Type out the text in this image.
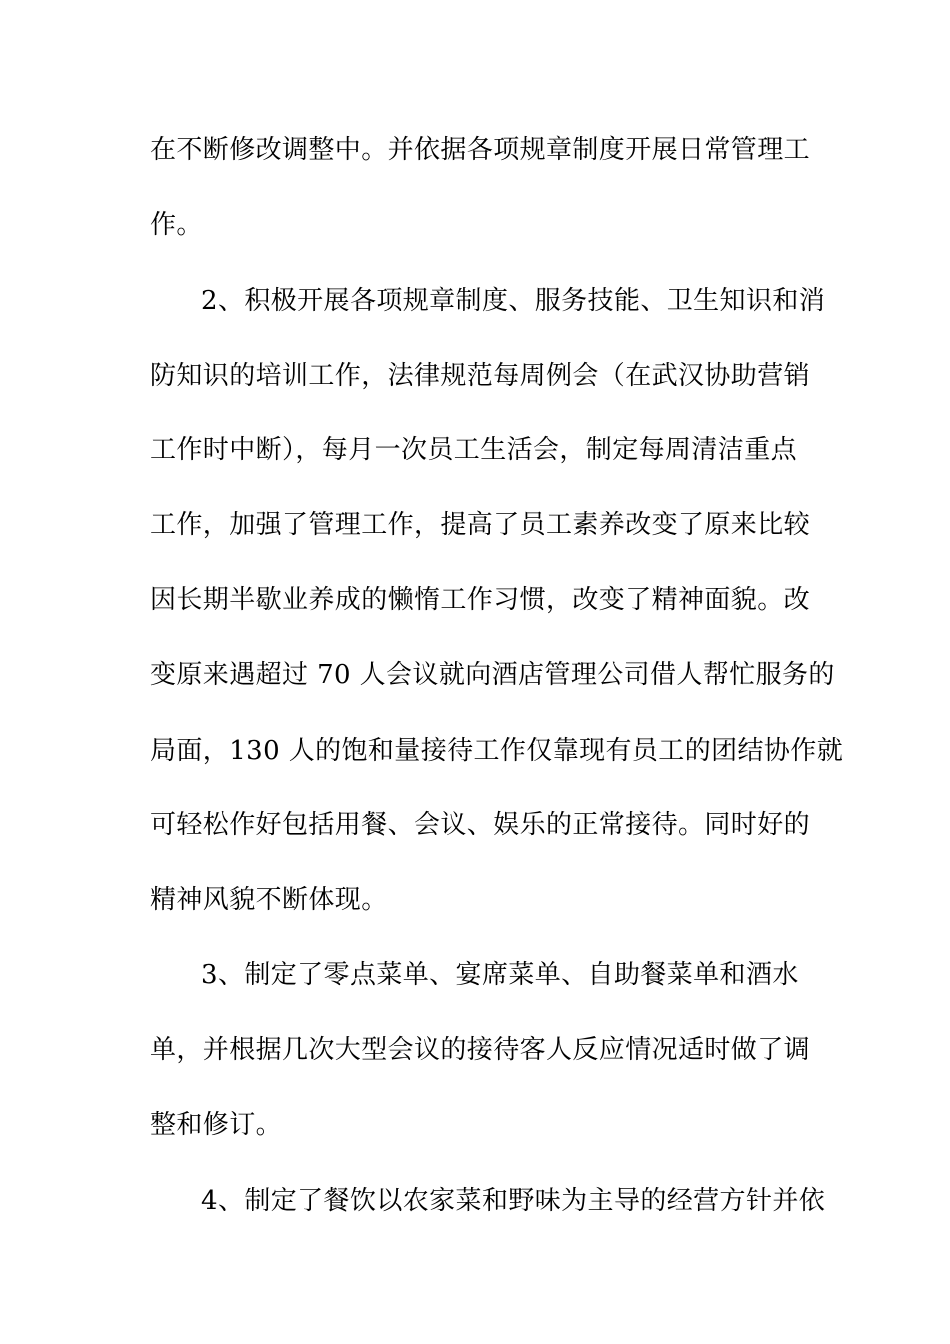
在不断修改调整中。并依据各项规章制度开展日常管理工
作。
2、积极开展各项规章制度、服务技能、卫生知识和消
防知识的培训工作，法律规范每周例会（在武汉协助营销
工作时中断），每月一次员工生活会，制定每周清洁重点
工作，加强了管理工作，提高了员工素养改变了原来比较
因长期半歇业养成的懒惰工作习惯，改变了精神面貌。改
变原来遇超过 70 人会议就向酒店管理公司借人帮忙服务的
局面，130 人的饱和量接待工作仅靠现有员工的团结协作就
可轻松作好包括用餐、会议、娱乐的正常接待。同时好的
精神风貌不断体现。
3、制定了零点菜单、宴席菜单、自助餐菜单和酒水
单，并根据几次大型会议的接待客人反应情况适时做了调
整和修订。
4、制定了餐饮以农家菜和野味为主导的经营方针并依
